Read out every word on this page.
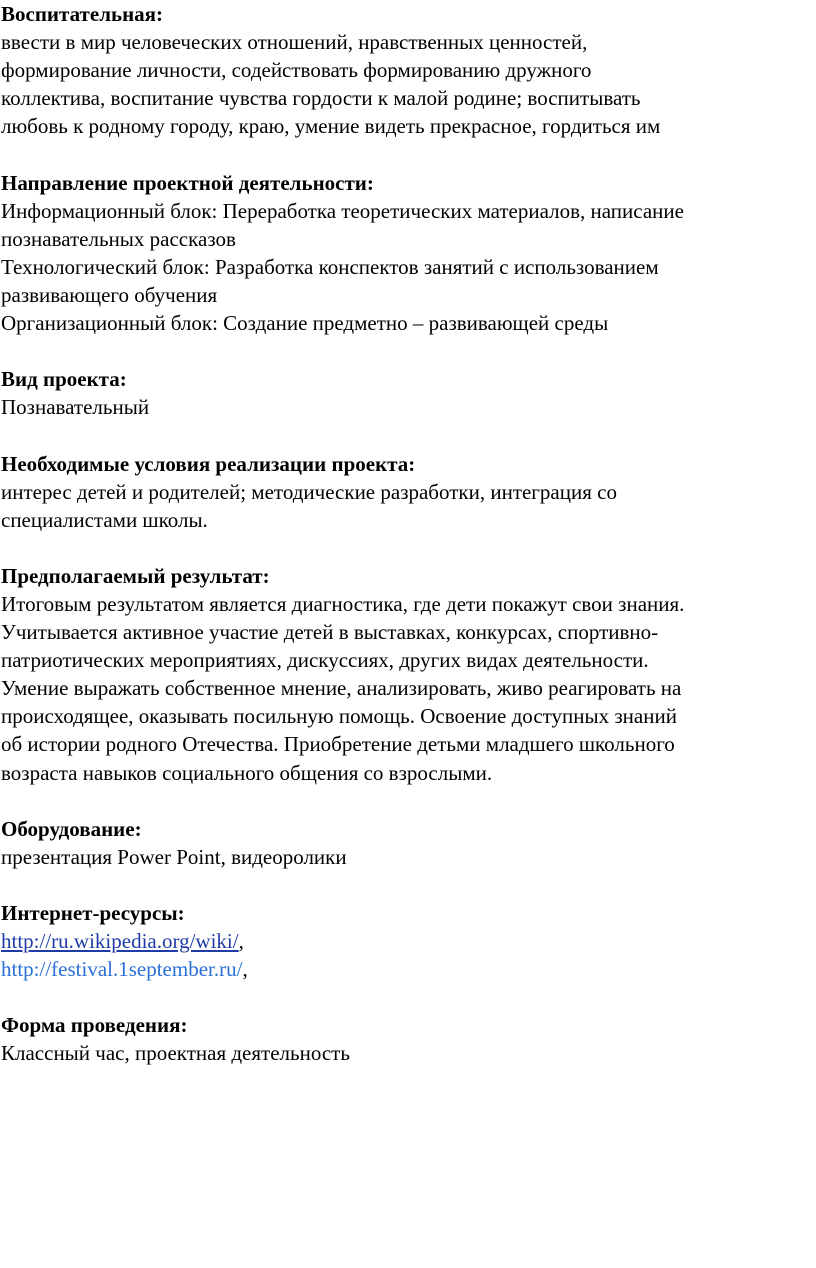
Воспитательная:

ввести в мир человеческих отношений, нравственных ценностей,

формирование личности, содействовать формированию дружного

коллектива, воспитание чувства гордости к малой родине; воспитывать

любовь к родному городу, краю, умение видеть прекрасное, гордиться им

Направление проектной деятельности:

Информационный блок: Переработка теоретических материалов, написание

познавательных рассказов

Технологический блок: Разработка конспектов занятий с использованием

развивающего обучения

Организационный блок: Создание предметно – развивающей среды

Вид проекта:

Познавательный

Необходимые условия реализации проекта:

интерес детей и родителей; методические разработки, интеграция со

специалистами школы.

Предполагаемый результат:

Итоговым результатом является диагностика, где дети покажут свои знания.

Учитывается активное участие детей в выставках, конкурсах, спортивно-

патриотических мероприятиях, дискуссиях, других видах деятельности.

Умение выражать собственное мнение, анализировать, живо реагировать на

происходящее, оказывать посильную помощь. Освоение доступных знаний

об истории родного Отечества. Приобретение детьми младшего школьного

возраста навыков социального общения со взрослыми.

Оборудование:

презентация Power Point, видеоролики

Интернет-ресурсы:

http://ru.wikipedia.org/wiki/,

http://festival.1september.ru/,

Форма проведения:

Классный час, проектная деятельность
